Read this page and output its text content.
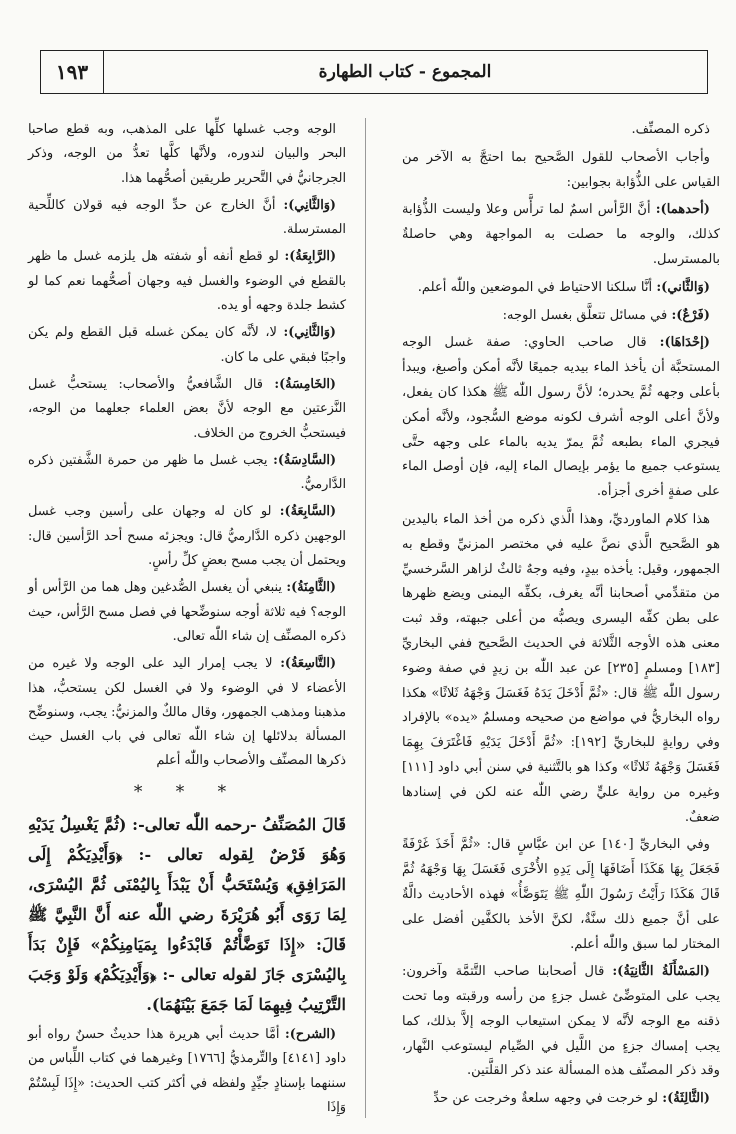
١٩٣	المجموع - كتاب الطهارة

ذكره المصنِّف.

وأجاب الأصحاب للقول الصَّحيح بما احتجَّ به الآخر من القياس على الذُّؤابة بجوابين:

(أحدهما): أنَّ الرَّأس اسمٌ لما ترأَّس وعلا وليست الذُّؤابة كذلك، والوجه ما حصلت به المواجهة وهي حاصلةٌ بالمسترسل.

(وَالثَّاني): أنَّا سلكنا الاحتياط في الموضعين واللّٰه أعلم.

(فَرْعٌ): في مسائل تتعلَّق بغسل الوجه:

(إحْدَاهَا): قال صاحب الحاوي: صفة غسل الوجه المستحبَّة أن يأخذ الماء بيديه جميعًا لأنَّه أمكن وأصبغ، ويبدأ بأعلى وجهه ثُمَّ يحدره؛ لأنَّ رسول اللّٰه ﷺ هكذا كان يفعل، ولأنَّ أعلى الوجه أشرف لكونه موضع السُّجود، ولأنَّه أمكن فيجري الماء بطبعه ثُمَّ يمرّ يديه بالماء على وجهه حتَّى يستوعب جميع ما يؤمر بإيصال الماء إليه، فإن أوصل الماء على صفةٍ أخرى أجزأه.

هذا كلام الماورديِّ، وهذا الَّذي ذكره من أخذ الماء باليدين هو الصَّحيح الَّذي نصَّ عليه في مختصر المزنيِّ وقطع به الجمهور، وقيل: يأخذه بيدٍ، وفيه وجهٌ ثالثٌ لزاهر السَّرخسيِّ من متقدِّمي أصحابنا أنَّه يغرف، بكفِّه اليمنى ويضع ظهرها على بطن كفِّه اليسرى ويصبُّه من أعلى جبهته، وقد ثبت معنى هذه الأوجه الثَّلاثة في الحديث الصَّحيح ففي البخاريِّ [١٨٣] ومسلمٍ [٢٣٥] عن عبد اللّٰه بن زيدٍ في صفة وضوء رسول اللّٰه ﷺ قال: «ثُمَّ أَدْخَلَ يَدَهُ فَغَسَلَ وَجْهَهُ ثَلاثًا» هكذا رواه البخاريُّ في مواضع من صحيحه ومسلمٌ «يده» بالإفراد وفي روايةٍ للبخاريِّ [١٩٢]: «ثُمَّ أَدْخَلَ يَدَيْهِ فَاغْتَرَفَ بِهِمَا فَغَسَلَ وَجْهَهُ ثَلاثًا» وكذا هو بالتَّثنية في سنن أبي داود [١١١] وغيره من رواية عليٍّ رضي اللّٰه عنه لكن في إسنادها ضعفٌ.

وفي البخاريِّ [١٤٠] عن ابن عبَّاسٍ قال: «ثُمَّ أَخَذَ غَرْفَةً فَجَعَلَ بِهَا هَكَذَا أَضَافَهَا إِلَى يَدِهِ الأُخْرَى فَغَسَلَ بِهَا وَجْهَهُ ثُمَّ قَالَ هَكَذَا رَأَيْتُ رَسُولَ اللّٰهِ ﷺ يَتَوَضَّأُ» فهذه الأحاديث دالَّةٌ على أنَّ جميع ذلك سنَّةٌ، لكنَّ الأخذ بالكفَّين أفضل على المختار لما سبق واللّٰه أعلم.

(المَسْأَلَةُ الثَّانِيَةُ): قال أصحابنا صاحب التَّتمَّة وآخرون: يجب على المتوضِّئ غسل جزءٍ من رأسه ورقبته وما تحت ذقنه مع الوجه لأنَّه لا يمكن استيعاب الوجه إلاَّ بذلك، كما يجب إمساك جزءٍ من اللَّيل في الصِّيام ليستوعب النَّهار، وقد ذكر المصنِّف هذه المسألة عند ذكر القلَّتين.

(الثَّالِثَةُ): لو خرجت في وجهه سلعةٌ وخرجت عن حدِّ

الوجه وجب غسلها كلِّها على المذهب، وبه قطع صاحبا البحر والبيان لندوره، ولأنَّها كلَّها تعدُّ من الوجه، وذكر الجرجانيُّ في التَّحرير طريقين أصحُّهما هذا.

(وَالثَّانِي): أنَّ الخارج عن حدِّ الوجه فيه قولان كاللِّحية المسترسلة.

(الرَّابِعَةُ): لو قطع أنفه أو شفته هل يلزمه غسل ما ظهر بالقطع في الوضوء والغسل فيه وجهان أصحُّهما نعم كما لو كشط جلدة وجهه أو يده.

(وَالثَّانِي): لا، لأنَّه كان يمكن غسله قبل القطع ولم يكن واجبًا فبقي على ما كان.

(الخَامِسَةُ): قال الشَّافعيُّ والأصحاب: يستحبُّ غسل النَّزعتين مع الوجه لأنَّ بعض العلماء جعلهما من الوجه، فيستحبُّ الخروج من الخلاف.

(السَّادِسَةُ): يجب غسل ما ظهر من حمرة الشَّفتين ذكره الدَّارميُّ.

(السَّابِعَةُ): لو كان له وجهان على رأسين وجب غسل الوجهين ذكره الدَّارميُّ قال: ويجزئه مسح أحد الرَّأسين قال: ويحتمل أن يجب مسح بعضٍ كلِّ رأسٍ.

(الثَّامِنَةُ): ينبغي أن يغسل الصُّدغين وهل هما من الرَّأس أو الوجه؟ فيه ثلاثة أوجه سنوضِّحها في فصل مسح الرَّأس، حيث ذكره المصنِّف إن شاء اللّٰه تعالى.

(التَّاسِعَةُ): لا يجب إمرار اليد على الوجه ولا غيره من الأعضاء لا في الوضوء ولا في الغسل لكن يستحبُّ، هذا مذهبنا ومذهب الجمهور، وقال مالكٌ والمزنيُّ: يجب، وسنوضِّح المسألة بدلائلها إن شاء اللّٰه تعالى في باب الغسل حيث ذكرها المصنِّف والأصحاب واللّٰه أعلم

* * *

قَالَ المُصَنِّفُ -رحمه اللّٰه تعالى-: (ثُمَّ يَغْسِلُ يَدَيْهِ وَهُوَ فَرْضٌ لِقوله تعالى -: ﴿وَأَيْدِيَكُمْ إِلَى المَرَافِقِ﴾ وَيُسْتَحَبُّ أَنْ يَبْدَأَ بِاليُمْنَى ثُمَّ اليُسْرَى، لِمَا رَوَى أَبُو هُرَيْرَةَ رضي اللّٰه عنه أَنَّ النَّبِيَّ ﷺ قَالَ: «إِذَا تَوَضَّأْتُمْ فَابْدَءُوا بِمَيَامِنِكُمْ» فَإِنْ بَدَأَ بِاليُسْرَى جَازَ لقوله تعالى -: ﴿وَأَيْدِيَكُمْ﴾ وَلَوْ وَجَبَ التَّرْتِيبُ فِيهِمَا لَمَا جَمَعَ بَيْنَهُمَا).

(الشرح): أمَّا حديث أبي هريرة هذا حديثٌ حسنٌ رواه أبو داود [٤١٤١] والتِّرمذيُّ [١٧٦٦] وغيرهما في كتاب اللِّباس من سننهما بإسنادٍ جيِّدٍ ولفظه في أكثر كتب الحديث: «إِذَا لَبِسْتُمْ وَإِذَا
